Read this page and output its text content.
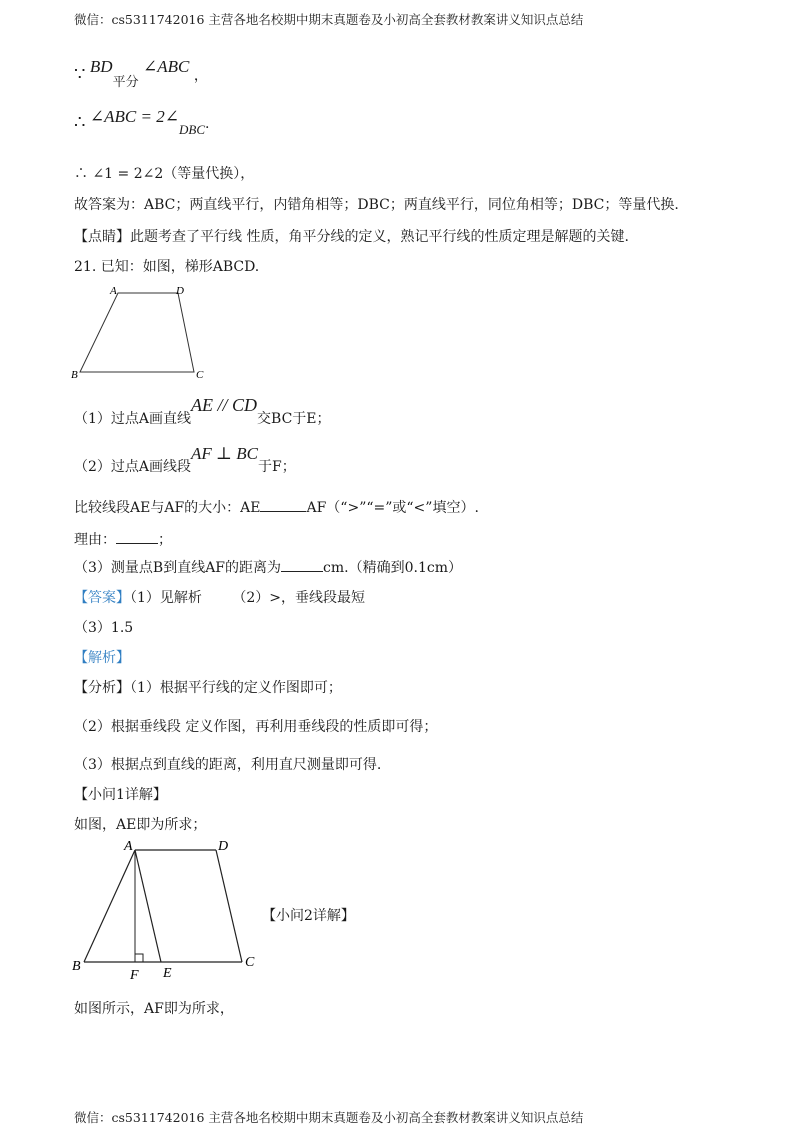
微信：cs5311742016 主营各地名校期中期末真题卷及小初高全套教材教案讲义知识点总结
∵ BD平分 ∠ABC ，
∴ ∠ABC = 2∠DBC.
∴ ∠1 = 2∠2（等量代换），
故答案为：ABC；两直线平行，内错角相等；DBC；两直线平行，同位角相等；DBC；等量代换.
【点睛】此题考查了平行线 性质，角平分线的定义，熟记平行线的性质定理是解题的关键.
21. 已知：如图，梯形ABCD.
A	D
B	C
（1）过点A画直线AE // CD交BC于E；
（2）过点A画线段AF ⊥ BC于F；
比较线段AE与AF的大小：AE	AF（“>”“=”或“<”填空）.
理由：	；
（3）测量点B到直线AF的距离为	cm.（精确到0.1cm）
【答案】（1）见解析 （2）>，垂线段最短
（3）1.5
【解析】
【分析】（1）根据平行线的定义作图即可；
（2）根据垂线段 定义作图，再利用垂线段的性质即可得；
（3）根据点到直线的距离，利用直尺测量即可得.
【小问1详解】
如图，AE即为所求；
A	D
B	C
F E
【小问2详解】
如图所示，AF即为所求，
微信：cs5311742016 主营各地名校期中期末真题卷及小初高全套教材教案讲义知识点总结
